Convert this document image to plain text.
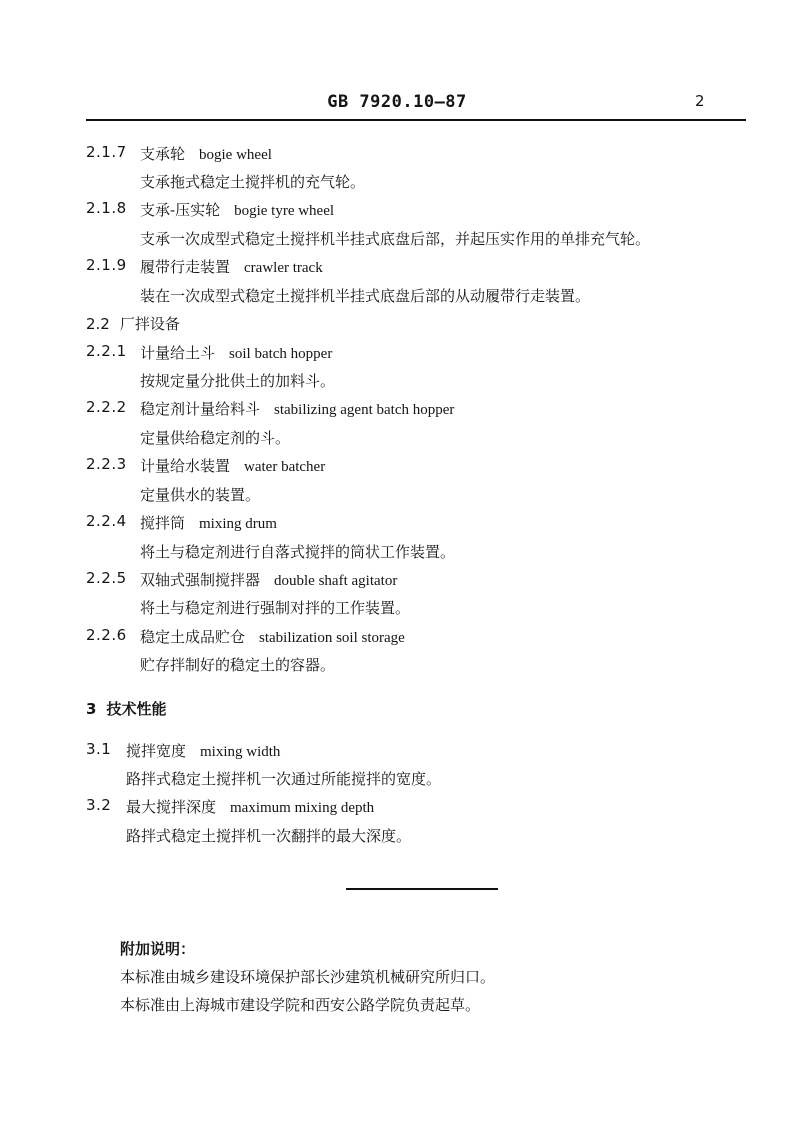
GB 7920.10—87	2
2.1.7 支承轮 bogie wheel
支承拖式稳定土搅拌机的充气轮。
2.1.8 支承-压实轮 bogie tyre wheel
支承一次成型式稳定土搅拌机半挂式底盘后部，并起压实作用的单排充气轮。
2.1.9 履带行走装置 crawler track
装在一次成型式稳定土搅拌机半挂式底盘后部的从动履带行走装置。
2.2 厂拌设备
2.2.1 计量给土斗 soil batch hopper
按规定量分批供土的加料斗。
2.2.2 稳定剂计量给料斗 stabilizing agent batch hopper
定量供给稳定剂的斗。
2.2.3 计量给水装置 water batcher
定量供水的装置。
2.2.4 搅拌筒 mixing drum
将土与稳定剂进行自落式搅拌的筒状工作装置。
2.2.5 双轴式强制搅拌器 double shaft agitator
将土与稳定剂进行强制对拌的工作装置。
2.2.6 稳定土成品贮仓 stabilization soil storage
贮存拌制好的稳定土的容器。
3 技术性能
3.1 搅拌宽度 mixing width
路拌式稳定土搅拌机一次通过所能搅拌的宽度。
3.2 最大搅拌深度 maximum mixing depth
路拌式稳定土搅拌机一次翻拌的最大深度。
附加说明：
本标准由城乡建设环境保护部长沙建筑机械研究所归口。
本标准由上海城市建设学院和西安公路学院负责起草。
